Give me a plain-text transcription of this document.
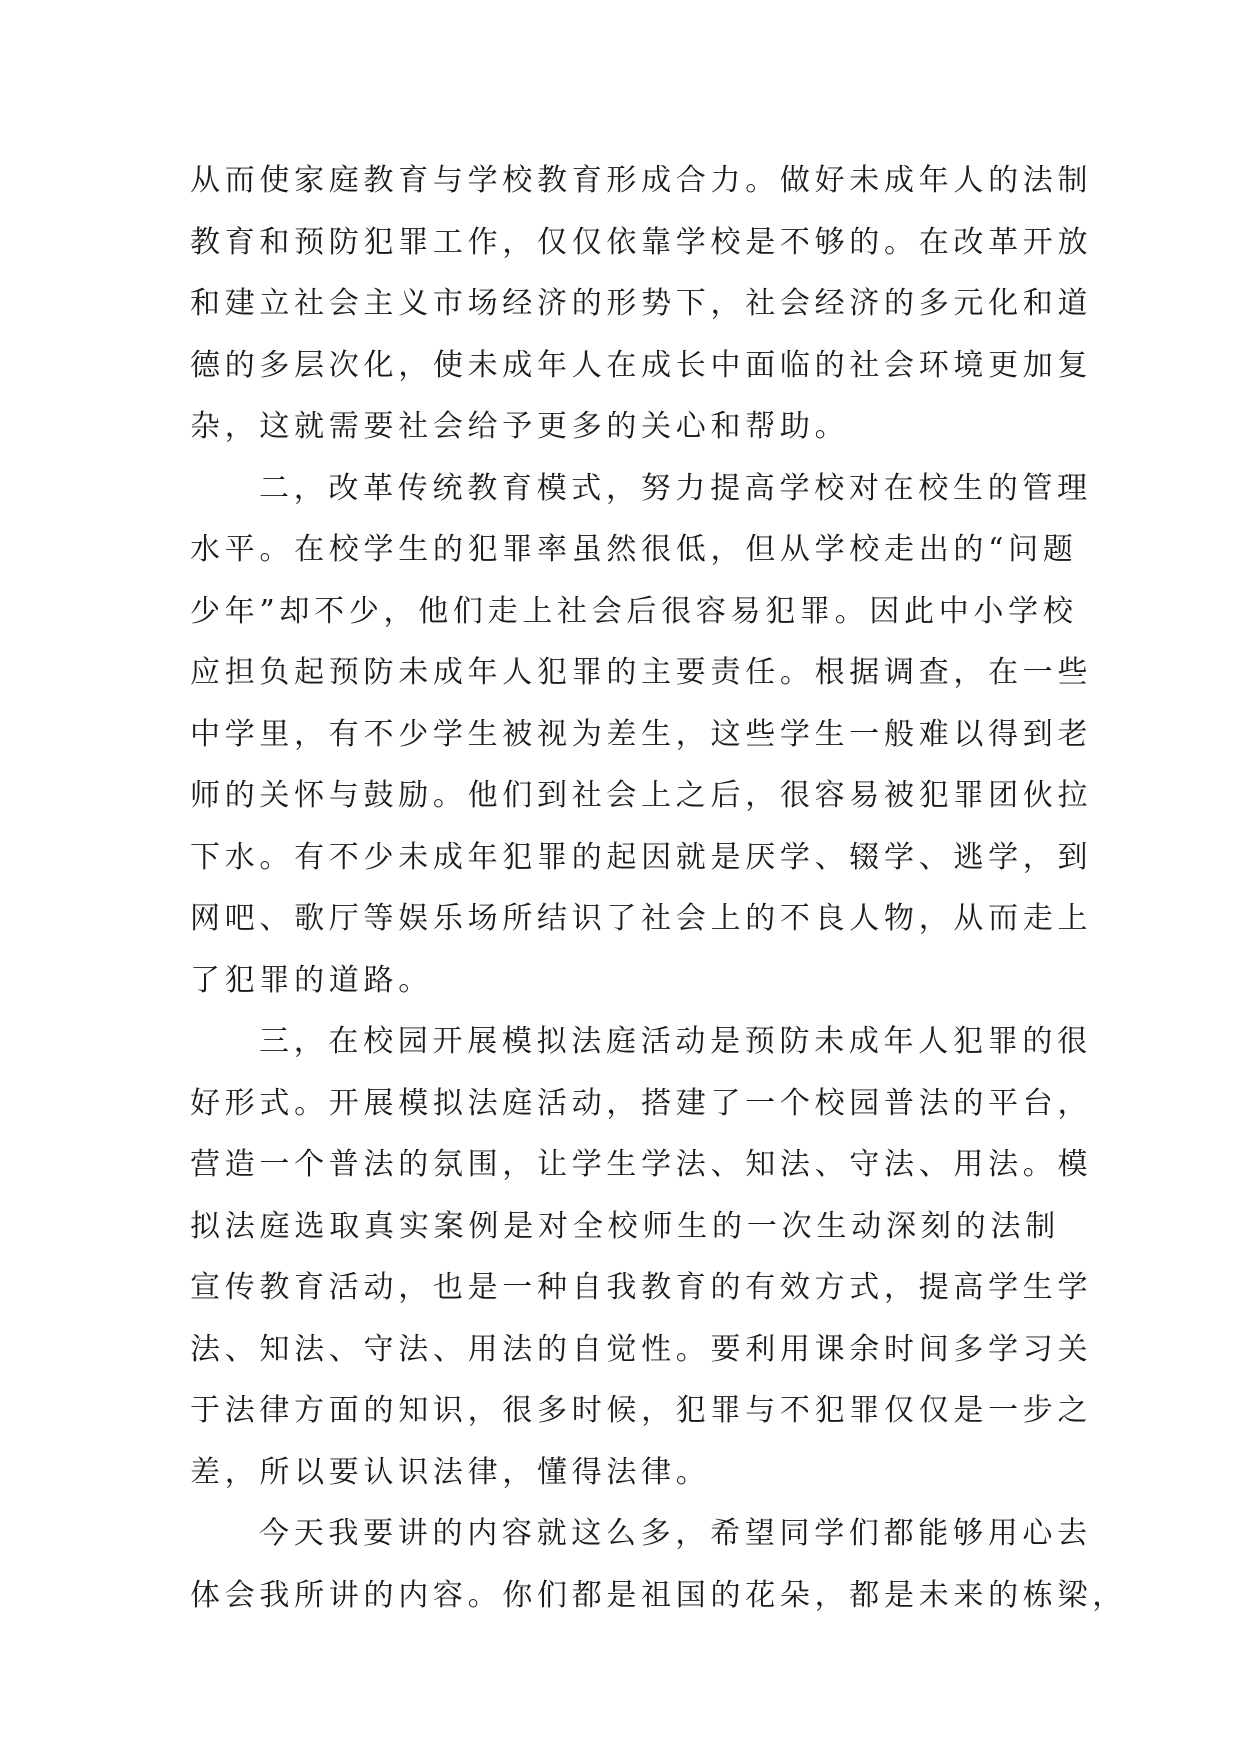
从而使家庭教育与学校教育形成合力。做好未成年人的法制
教育和预防犯罪工作，仅仅依靠学校是不够的。在改革开放
和建立社会主义市场经济的形势下，社会经济的多元化和道
德的多层次化，使未成年人在成长中面临的社会环境更加复
杂，这就需要社会给予更多的关心和帮助。
二，改革传统教育模式，努力提高学校对在校生的管理
水平。在校学生的犯罪率虽然很低，但从学校走出的“问题
少年”却不少，他们走上社会后很容易犯罪。因此中小学校
应担负起预防未成年人犯罪的主要责任。根据调查，在一些
中学里，有不少学生被视为差生，这些学生一般难以得到老
师的关怀与鼓励。他们到社会上之后，很容易被犯罪团伙拉
下水。有不少未成年犯罪的起因就是厌学、辍学、逃学，到
网吧、歌厅等娱乐场所结识了社会上的不良人物，从而走上
了犯罪的道路。
三，在校园开展模拟法庭活动是预防未成年人犯罪的很
好形式。开展模拟法庭活动，搭建了一个校园普法的平台，
营造一个普法的氛围，让学生学法、知法、守法、用法。模
拟法庭选取真实案例是对全校师生的一次生动深刻的法制
宣传教育活动，也是一种自我教育的有效方式，提高学生学
法、知法、守法、用法的自觉性。要利用课余时间多学习关
于法律方面的知识，很多时候，犯罪与不犯罪仅仅是一步之
差，所以要认识法律，懂得法律。
今天我要讲的内容就这么多，希望同学们都能够用心去
体会我所讲的内容。你们都是祖国的花朵，都是未来的栋梁，
